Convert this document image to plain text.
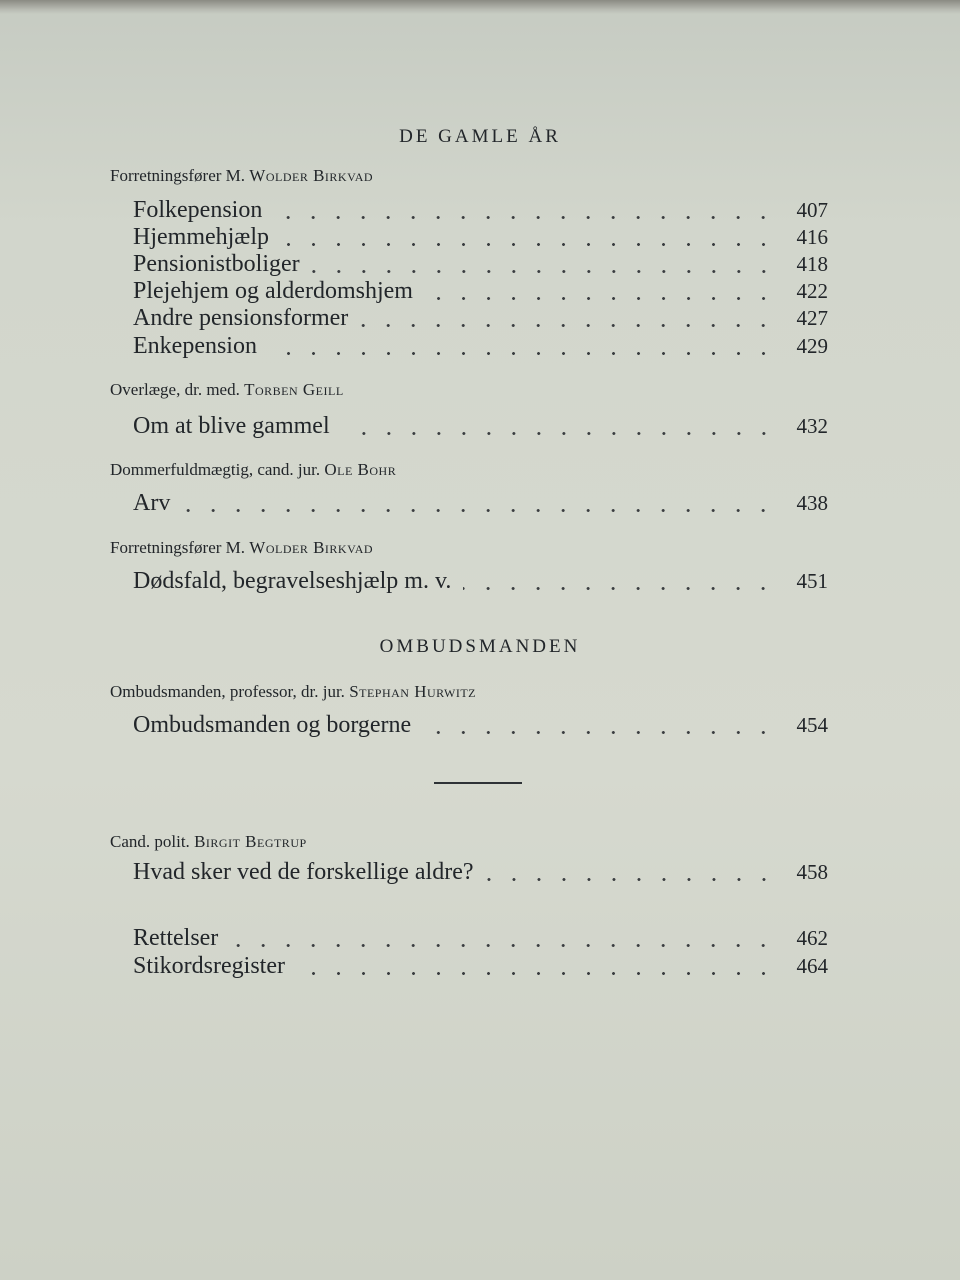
DE GAMLE ÅR
Forretningsfører M. Wolder Birkvad
Folkepension	407
Hjemmehjælp	416
Pensionistboliger	418
Plejehjem og alderdomshjem	422
Andre pensionsformer	427
Enkepension	429
Overlæge, dr. med. Torben Geill
Om at blive gammel	432
Dommerfuldmægtig, cand. jur. Ole Bohr
Arv	438
Forretningsfører M. Wolder Birkvad
Dødsfald, begravelseshjælp m. v.	451
OMBUDSMANDEN
Ombudsmanden, professor, dr. jur. Stephan Hurwitz
Ombudsmanden og borgerne	454
Cand. polit. Birgit Begtrup
Hvad sker ved de forskellige aldre?	458
Rettelser	462
Stikordsregister	464
